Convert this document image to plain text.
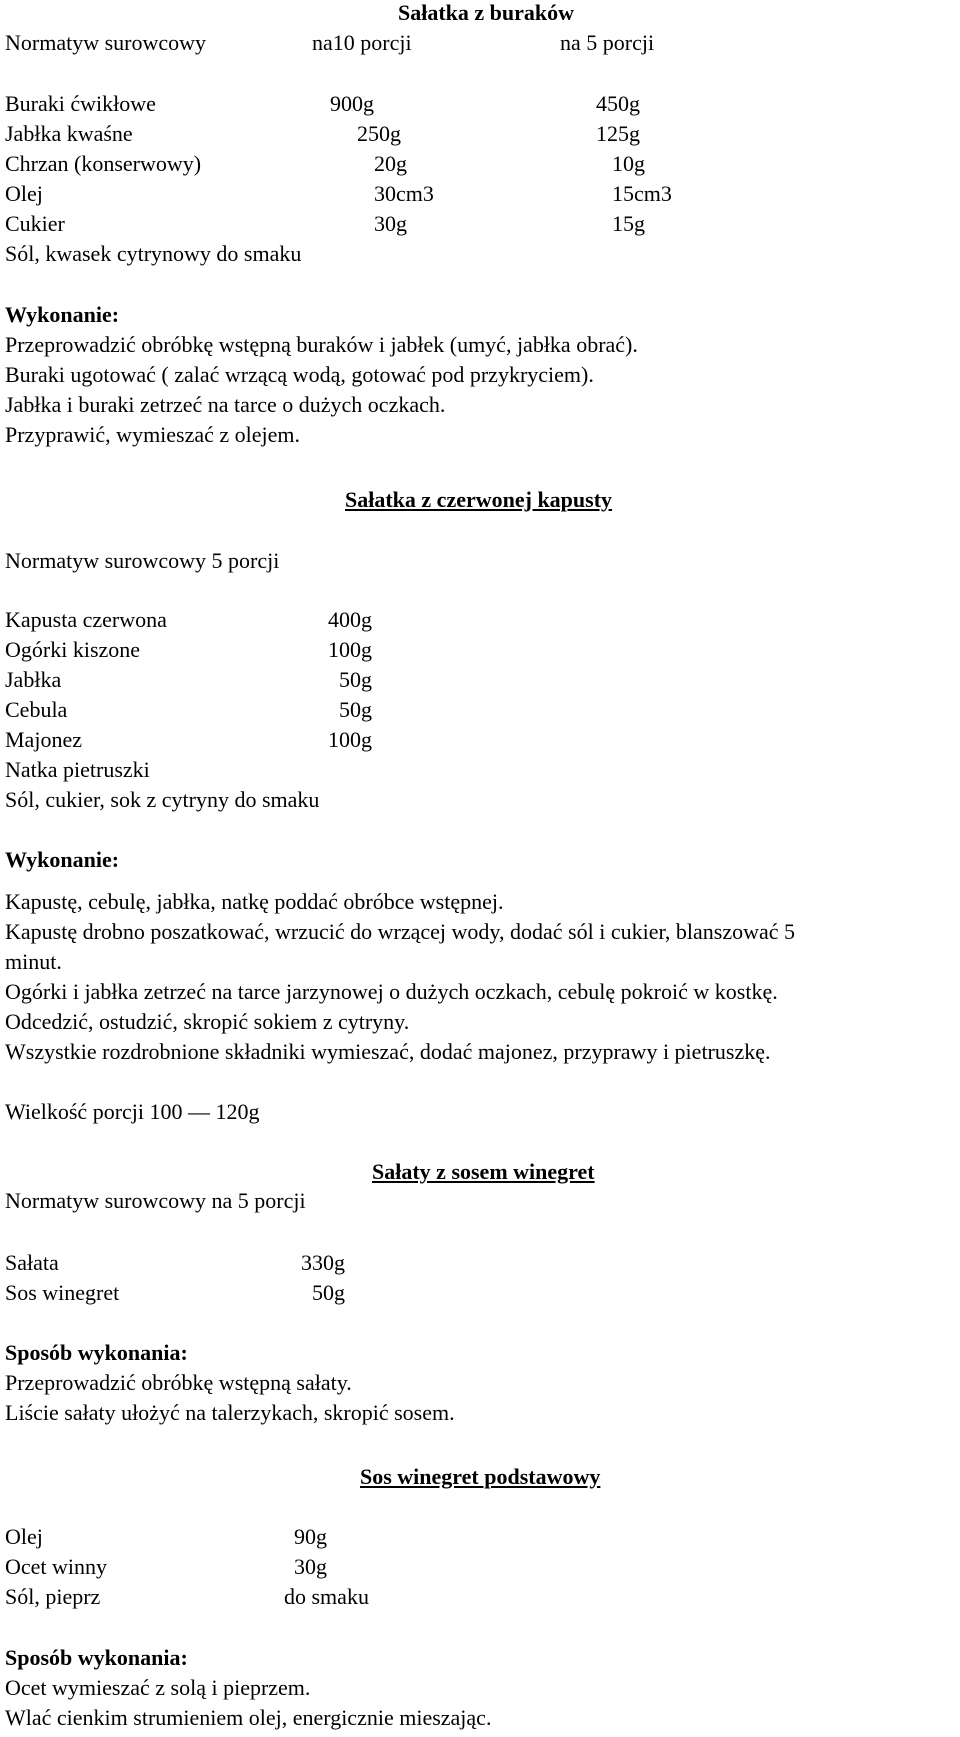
Sałatka z buraków
Normatyw surowcowy	na10 porcji	na 5 porcji
Buraki ćwikłowe	900g	450g
Jabłka kwaśne	250g	125g
Chrzan (konserwowy)	20g	10g
Olej	30cm3	15cm3
Cukier	30g	15g
Sól, kwasek cytrynowy do smaku
Wykonanie:
Przeprowadzić obróbkę wstępną buraków i jabłek (umyć, jabłka obrać).
Buraki ugotować ( zalać wrzącą wodą, gotować pod przykryciem).
Jabłka i buraki zetrzeć na tarce o dużych oczkach.
Przyprawić, wymieszać z olejem.
Sałatka z czerwonej kapusty
Normatyw surowcowy 5 porcji
Kapusta czerwona	400g
Ogórki kiszone	100g
Jabłka	50g
Cebula	50g
Majonez	100g
Natka pietruszki
Sól, cukier, sok z cytryny do smaku
Wykonanie:
Kapustę, cebulę, jabłka, natkę poddać obróbce wstępnej.
Kapustę drobno poszatkować, wrzucić do wrzącej wody, dodać sól i cukier, blanszować 5
minut.
Ogórki i jabłka zetrzeć na tarce jarzynowej o dużych oczkach, cebulę pokroić w kostkę.
Odcedzić, ostudzić, skropić sokiem z cytryny.
Wszystkie rozdrobnione składniki wymieszać, dodać majonez, przyprawy i pietruszkę.
Wielkość porcji 100 — 120g
Sałaty z sosem winegret
Normatyw surowcowy na 5 porcji
Sałata	330g
Sos winegret	50g
Sposób wykonania:
Przeprowadzić obróbkę wstępną sałaty.
Liście sałaty ułożyć na talerzykach, skropić sosem.
Sos winegret podstawowy
Olej	90g
Ocet winny	30g
Sól, pieprz	do smaku
Sposób wykonania:
Ocet wymieszać z solą i pieprzem.
Wlać cienkim strumieniem olej, energicznie mieszając.
